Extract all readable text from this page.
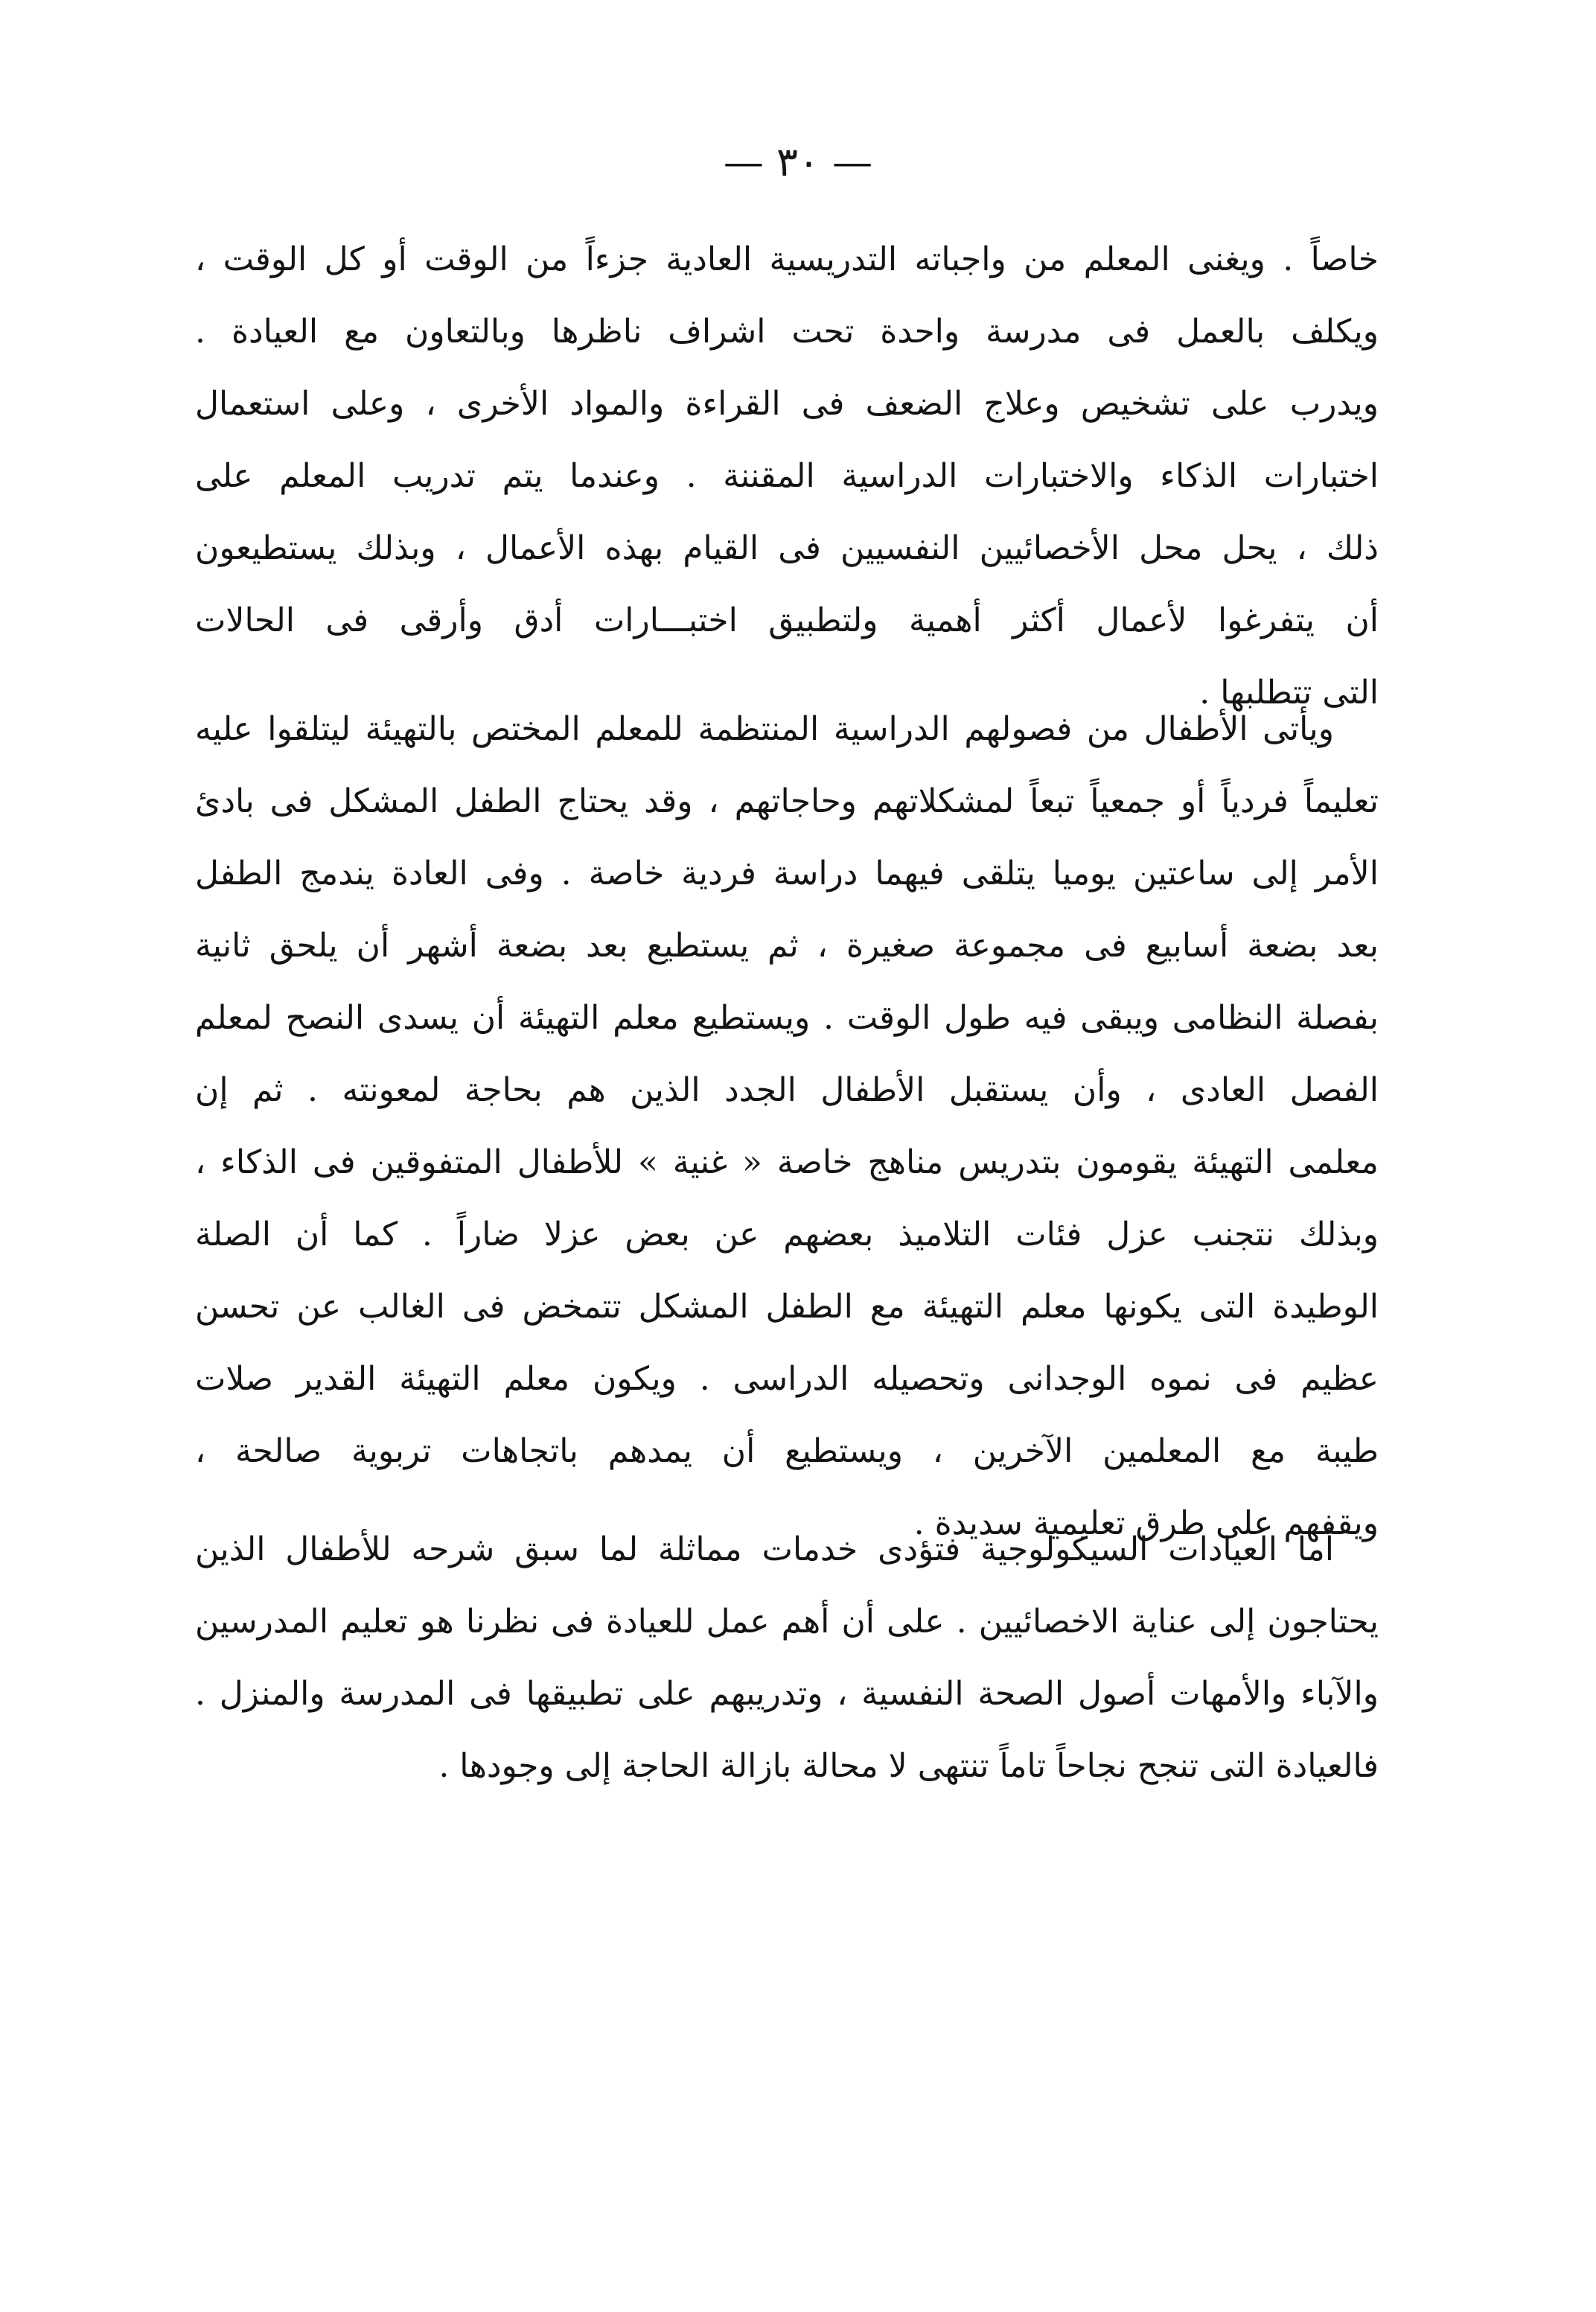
— ٣٠ —
خاصاً . ويغنى المعلم من واجباته التدريسية العادية جزءاً من الوقت أو كل الوقت ،
ويكلف بالعمل فى مدرسة واحدة تحت اشراف ناظرها وبالتعاون مع العيادة .
ويدرب على تشخيص وعلاج الضعف فى القراءة والمواد الأخرى ، وعلى استعمال
اختبارات الذكاء والاختبارات الدراسية المقننة . وعندما يتم تدريب المعلم على
ذلك ، يحل محل الأخصائيين النفسيين فى القيام بهذه الأعمال ، وبذلك يستطيعون
أن يتفرغوا لأعمال أكثر أهمية ولتطبيق اختبـــارات أدق وأرقى فى الحالات
التى تتطلبها .
ويأتى الأطفال من فصولهم الدراسية المنتظمة للمعلم المختص بالتهيئة ليتلقوا عليه
تعليماً فردياً أو جمعياً تبعاً لمشكلاتهم وحاجاتهم ، وقد يحتاج الطفل المشكل فى بادئ
الأمر إلى ساعتين يوميا يتلقى فيهما دراسة فردية خاصة . وفى العادة يندمج الطفل
بعد بضعة أسابيع فى مجموعة صغيرة ، ثم يستطيع بعد بضعة أشهر أن يلحق ثانية
بفصلة النظامى ويبقى فيه طول الوقت . ويستطيع معلم التهيئة أن يسدى النصح لمعلم
الفصل العادى ، وأن يستقبل الأطفال الجدد الذين هم بحاجة لمعونته . ثم إن
معلمى التهيئة يقومون بتدريس مناهج خاصة « غنية » للأطفال المتفوقين فى الذكاء ،
وبذلك نتجنب عزل فئات التلاميذ بعضهم عن بعض عزلا ضاراً . كما أن الصلة
الوطيدة التى يكونها معلم التهيئة مع الطفل المشكل تتمخض فى الغالب عن تحسن
عظيم فى نموه الوجدانى وتحصيله الدراسى . ويكون معلم التهيئة القدير صلات
طيبة مع المعلمين الآخرين ، ويستطيع أن يمدهم باتجاهات تربوية صالحة ،
ويقفهم على طرق تعليمية سديدة .
أما العيادات السيكولوجية فتؤدى خدمات مماثلة لما سبق شرحه للأطفال الذين
يحتاجون إلى عناية الاخصائيين . على أن أهم عمل للعيادة فى نظرنا هو تعليم المدرسين
والآباء والأمهات أصول الصحة النفسية ، وتدريبهم على تطبيقها فى المدرسة والمنزل .
فالعيادة التى تنجح نجاحاً تاماً تنتهى لا محالة بازالة الحاجة إلى وجودها .
